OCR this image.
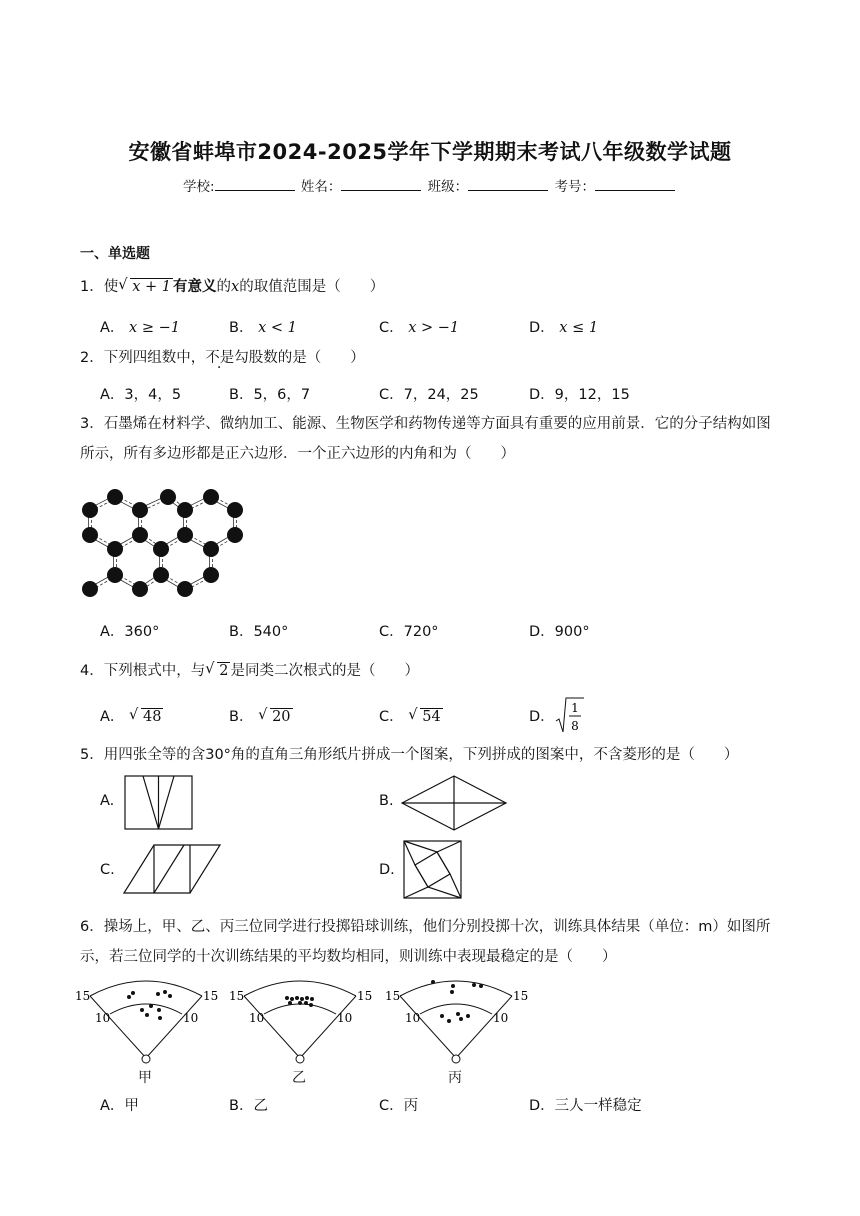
安徽省蚌埠市2024-2025学年下学期期末考试八年级数学试题
学校:	姓名：	班级：	考号：
一、单选题
1．使 √ x + 1 有意义的x的取值范围是（　　）
A． x ≥ −1	B． x < 1	C． x > −1	D． x ≤ 1
2．下列四组数中，不是勾股数的是（　　）
A．3，4，5	B．5，6，7	C．7，24，25	D．9，12，15
3．石墨烯在材料学、微纳加工、能源、生物医学和药物传递等方面具有重要的应用前景．它的分子结构如图所示，所有多边形都是正六边形．一个正六边形的内角和为（　　）
A．360°	B．540°	C．720°	D．900°
4．下列根式中，与 √ 2 是同类二次根式的是（　　）
A． √ 48	B． √ 20	C． √ 54	D．
1
8
5．用四张全等的含30°角的直角三角形纸片拼成一个图案，下列拼成的图案中，不含菱形的是（　　）
A.	B.
C.	D.
6．操场上，甲、乙、丙三位同学进行投掷铅球训练，他们分别投掷十次，训练具体结果（单位：m）如图所示，若三位同学的十次训练结果的平均数均相同，则训练中表现最稳定的是（　　）
15	15
10	10
甲
15	15
10	10
乙
15	15
10	10
丙
A．甲	B．乙	C．丙	D．三人一样稳定
